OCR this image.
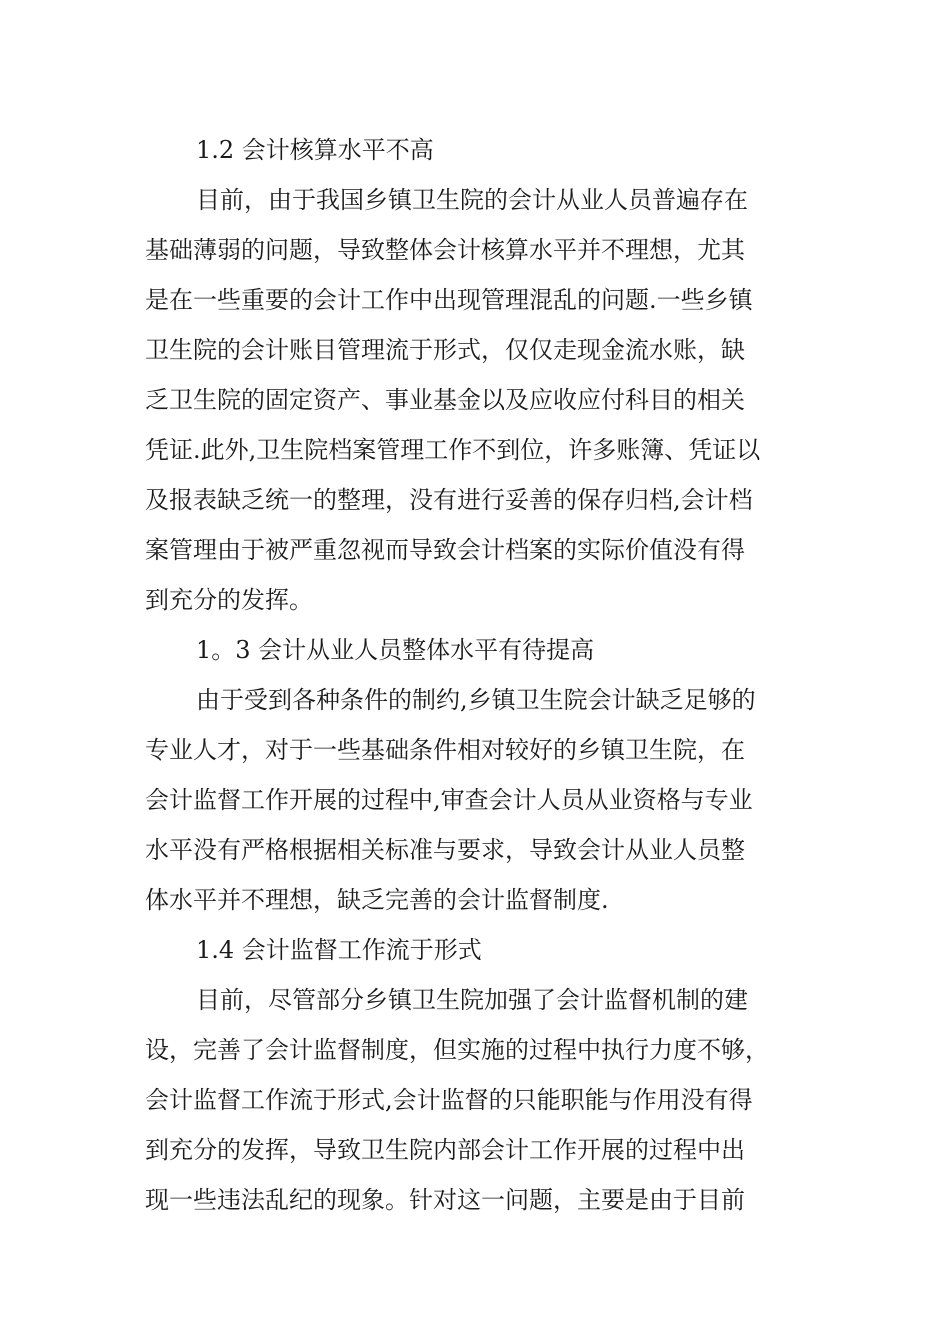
1.2 会计核算水平不高
目前，由于我国乡镇卫生院的会计从业人员普遍存在
基础薄弱的问题，导致整体会计核算水平并不理想，尤其
是在一些重要的会计工作中出现管理混乱的问题.一些乡镇
卫生院的会计账目管理流于形式，仅仅走现金流水账，缺
乏卫生院的固定资产、事业基金以及应收应付科目的相关
凭证.此外,卫生院档案管理工作不到位，许多账簿、凭证以
及报表缺乏统一的整理，没有进行妥善的保存归档,会计档
案管理由于被严重忽视而导致会计档案的实际价值没有得
到充分的发挥。
1。3 会计从业人员整体水平有待提高
由于受到各种条件的制约,乡镇卫生院会计缺乏足够的
专业人才，对于一些基础条件相对较好的乡镇卫生院，在
会计监督工作开展的过程中,审查会计人员从业资格与专业
水平没有严格根据相关标准与要求，导致会计从业人员整
体水平并不理想，缺乏完善的会计监督制度.
1.4 会计监督工作流于形式
目前，尽管部分乡镇卫生院加强了会计监督机制的建
设，完善了会计监督制度，但实施的过程中执行力度不够，
会计监督工作流于形式,会计监督的只能职能与作用没有得
到充分的发挥，导致卫生院内部会计工作开展的过程中出
现一些违法乱纪的现象。针对这一问题，主要是由于目前
